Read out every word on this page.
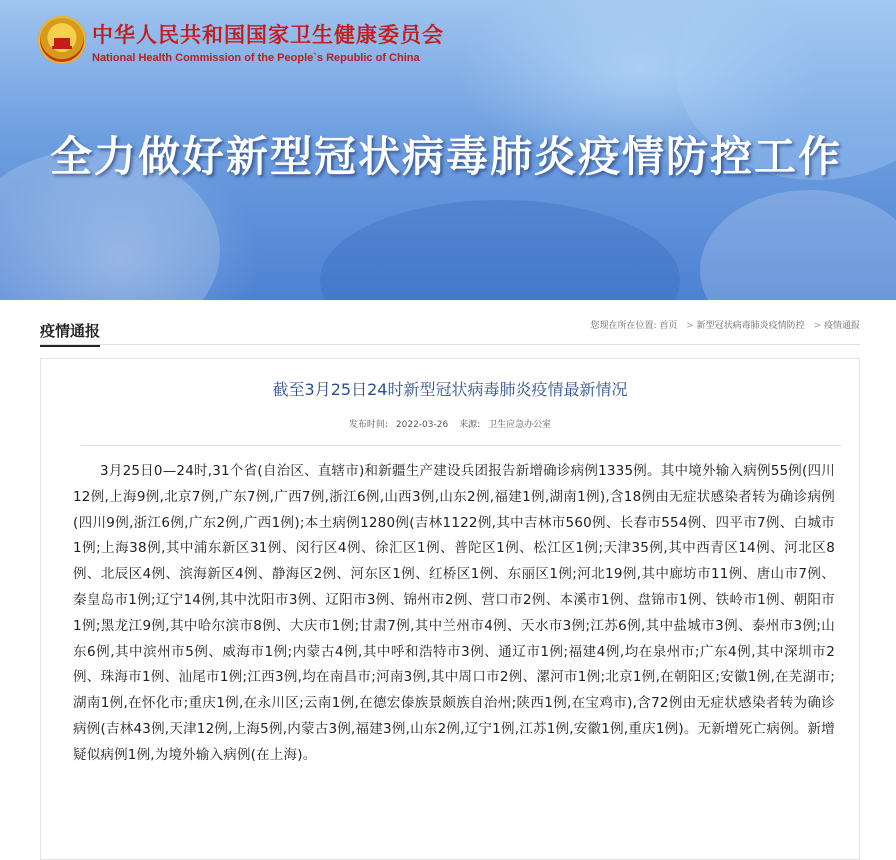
中华人民共和国国家卫生健康委员会
National Health Commission of the People`s Republic of China
全力做好新型冠状病毒肺炎疫情防控工作
疫情通报	您现在所在位置: 首页 > 新型冠状病毒肺炎疫情防控 > 疫情通报
截至3月25日24时新型冠状病毒肺炎疫情最新情况
发布时间: 2022-03-26 来源: 卫生应急办公室
3月25日0—24时,31个省(自治区、直辖市)和新疆生产建设兵团报告新增确诊病例1335例。其中境外输入病例55例(四川12例,上海9例,北京7例,广东7例,广西7例,浙江6例,山西3例,山东2例,福建1例,湖南1例),含18例由无症状感染者转为确诊病例(四川9例,浙江6例,广东2例,广西1例);本土病例1280例(吉林1122例,其中吉林市560例、长春市554例、四平市7例、白城市1例;上海38例,其中浦东新区31例、闵行区4例、徐汇区1例、普陀区1例、松江区1例;天津35例,其中西青区14例、河北区8例、北辰区4例、滨海新区4例、静海区2例、河东区1例、红桥区1例、东丽区1例;河北19例,其中廊坊市11例、唐山市7例、秦皇岛市1例;辽宁14例,其中沈阳市3例、辽阳市3例、锦州市2例、营口市2例、本溪市1例、盘锦市1例、铁岭市1例、朝阳市1例;黑龙江9例,其中哈尔滨市8例、大庆市1例;甘肃7例,其中兰州市4例、天水市3例;江苏6例,其中盐城市3例、泰州市3例;山东6例,其中滨州市5例、威海市1例;内蒙古4例,其中呼和浩特市3例、通辽市1例;福建4例,均在泉州市;广东4例,其中深圳市2例、珠海市1例、汕尾市1例;江西3例,均在南昌市;河南3例,其中周口市2例、漯河市1例;北京1例,在朝阳区;安徽1例,在芜湖市;湖南1例,在怀化市;重庆1例,在永川区;云南1例,在德宏傣族景颇族自治州;陕西1例,在宝鸡市),含72例由无症状感染者转为确诊病例(吉林43例,天津12例,上海5例,内蒙古3例,福建3例,山东2例,辽宁1例,江苏1例,安徽1例,重庆1例)。无新增死亡病例。新增疑似病例1例,为境外输入病例(在上海)。
